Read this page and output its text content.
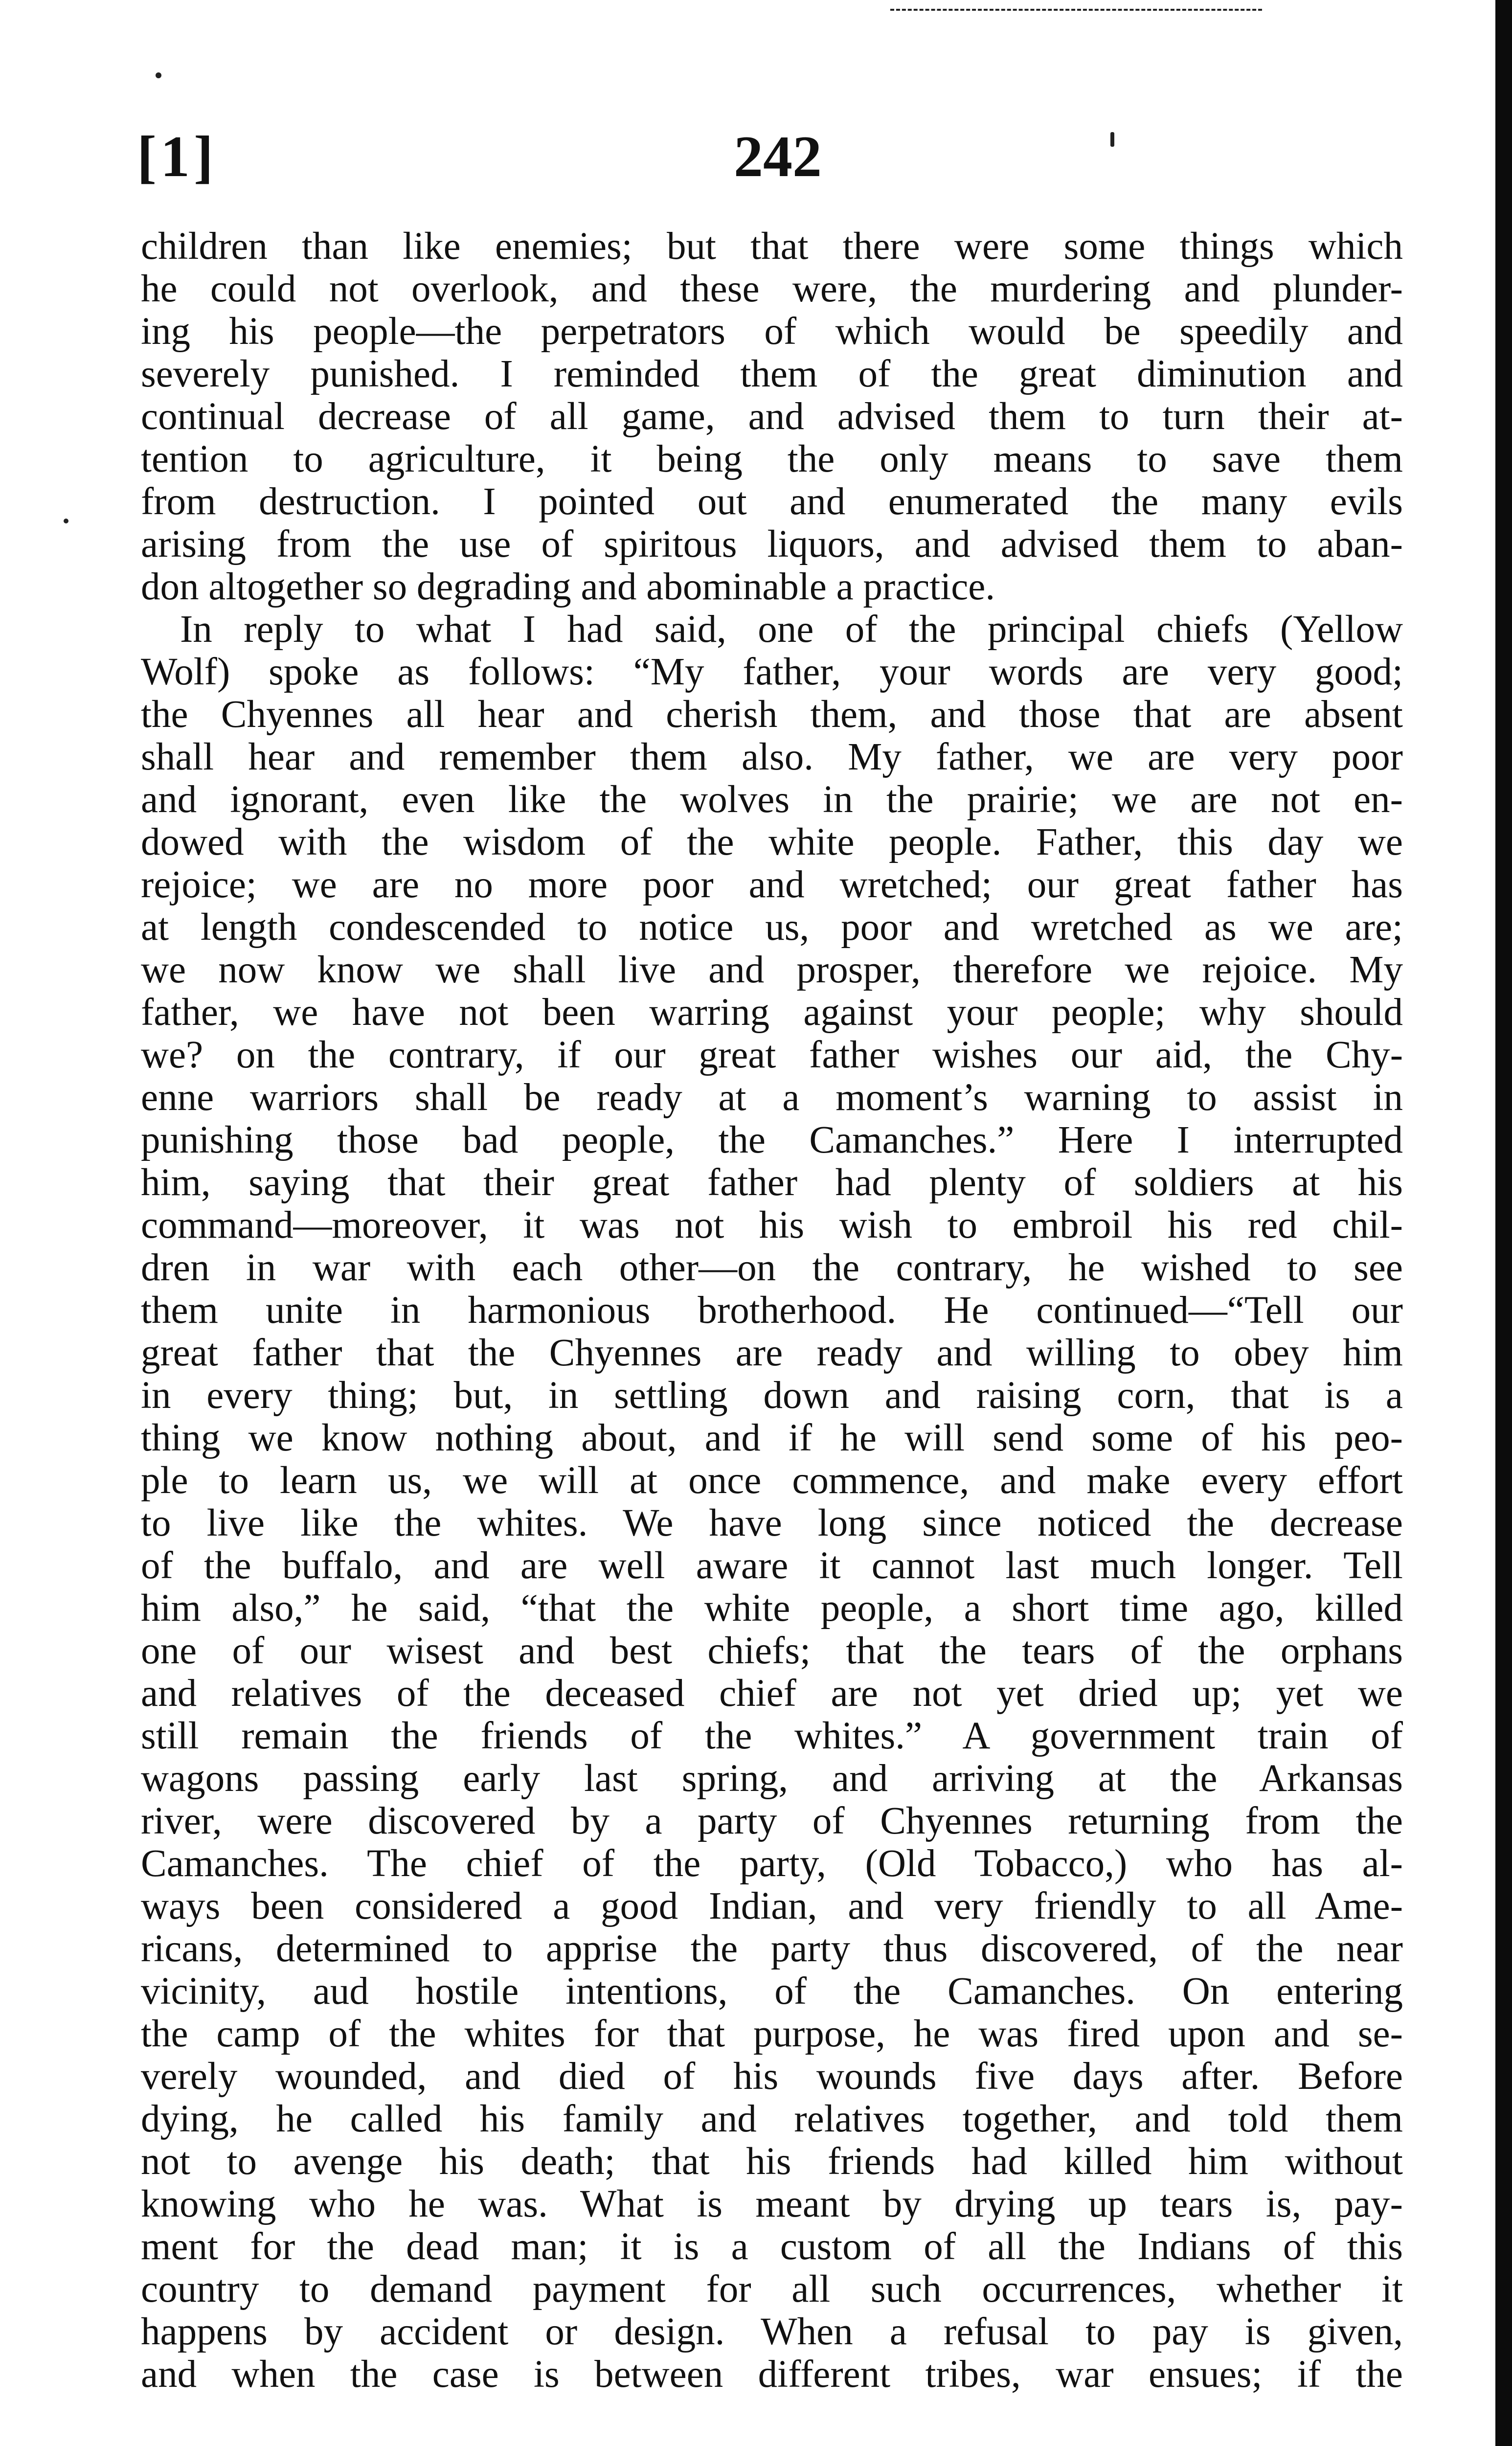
[1]	242
children than like enemies; but that there were some things which
he could not overlook, and these were, the murdering and plunder-
ing his people—the perpetrators of which would be speedily and
severely punished. I reminded them of the great diminution and
continual decrease of all game, and advised them to turn their at-
tention to agriculture, it being the only means to save them
from destruction. I pointed out and enumerated the many evils
arising from the use of spiritous liquors, and advised them to aban-
don altogether so degrading and abominable a practice.
In reply to what I had said, one of the principal chiefs (Yellow
Wolf) spoke as follows: “My father, your words are very good;
the Chyennes all hear and cherish them, and those that are absent
shall hear and remember them also. My father, we are very poor
and ignorant, even like the wolves in the prairie; we are not en-
dowed with the wisdom of the white people. Father, this day we
rejoice; we are no more poor and wretched; our great father has
at length condescended to notice us, poor and wretched as we are;
we now know we shall live and prosper, therefore we rejoice. My
father, we have not been warring against your people; why should
we? on the contrary, if our great father wishes our aid, the Chy-
enne warriors shall be ready at a moment’s warning to assist in
punishing those bad people, the Camanches.” Here I interrupted
him, saying that their great father had plenty of soldiers at his
command—moreover, it was not his wish to embroil his red chil-
dren in war with each other—on the contrary, he wished to see
them unite in harmonious brotherhood. He continued—“Tell our
great father that the Chyennes are ready and willing to obey him
in every thing; but, in settling down and raising corn, that is a
thing we know nothing about, and if he will send some of his peo-
ple to learn us, we will at once commence, and make every effort
to live like the whites. We have long since noticed the decrease
of the buffalo, and are well aware it cannot last much longer. Tell
him also,” he said, “that the white people, a short time ago, killed
one of our wisest and best chiefs; that the tears of the orphans
and relatives of the deceased chief are not yet dried up; yet we
still remain the friends of the whites.” A government train of
wagons passing early last spring, and arriving at the Arkansas
river, were discovered by a party of Chyennes returning from the
Camanches. The chief of the party, (Old Tobacco,) who has al-
ways been considered a good Indian, and very friendly to all Ame-
ricans, determined to apprise the party thus discovered, of the near
vicinity, aud hostile intentions, of the Camanches. On entering
the camp of the whites for that purpose, he was fired upon and se-
verely wounded, and died of his wounds five days after. Before
dying, he called his family and relatives together, and told them
not to avenge his death; that his friends had killed him without
knowing who he was. What is meant by drying up tears is, pay-
ment for the dead man; it is a custom of all the Indians of this
country to demand payment for all such occurrences, whether it
happens by accident or design. When a refusal to pay is given,
and when the case is between different tribes, war ensues; if the
